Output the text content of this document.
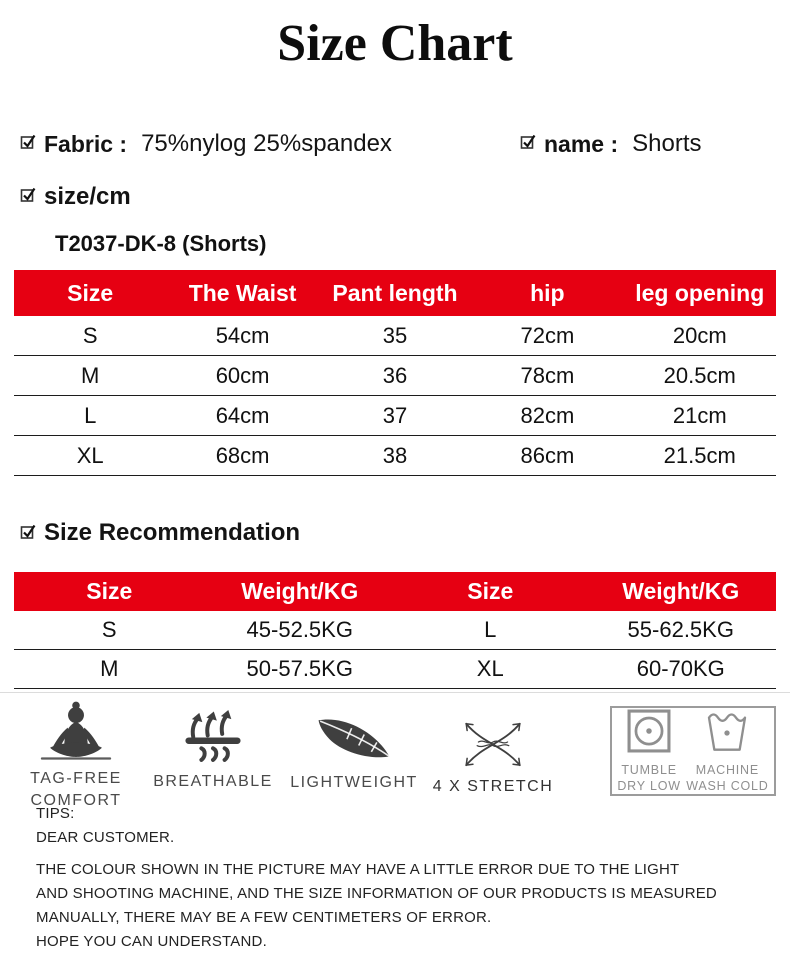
Size Chart
Fabric : 75%nylog 25%spandex	name : Shorts
size/cm
T2037-DK-8 (Shorts)
Size	The Waist	Pant length	hip	leg opening
S	54cm	35	72cm	20cm
M	60cm	36	78cm	20.5cm
L	64cm	37	82cm	21cm
XL	68cm	38	86cm	21.5cm
Size Recommendation
Size	Weight/KG	Size	Weight/KG
S	45-52.5KG	L	55-62.5KG
M	50-57.5KG	XL	60-70KG
TAG-FREE
COMFORT
BREATHABLE	LIGHTWEIGHT 4 X STRETCH
TUMBLE
DRY LOW
MACHINE
WASH COLD
TIPS:
DEAR CUSTOMER.
THE COLOUR SHOWN IN THE PICTURE MAY HAVE A LITTLE ERROR DUE TO THE LIGHT
AND SHOOTING MACHINE, AND THE SIZE INFORMATION OF OUR PRODUCTS IS MEASURED
MANUALLY, THERE MAY BE A FEW CENTIMETERS OF ERROR.
HOPE YOU CAN UNDERSTAND.
